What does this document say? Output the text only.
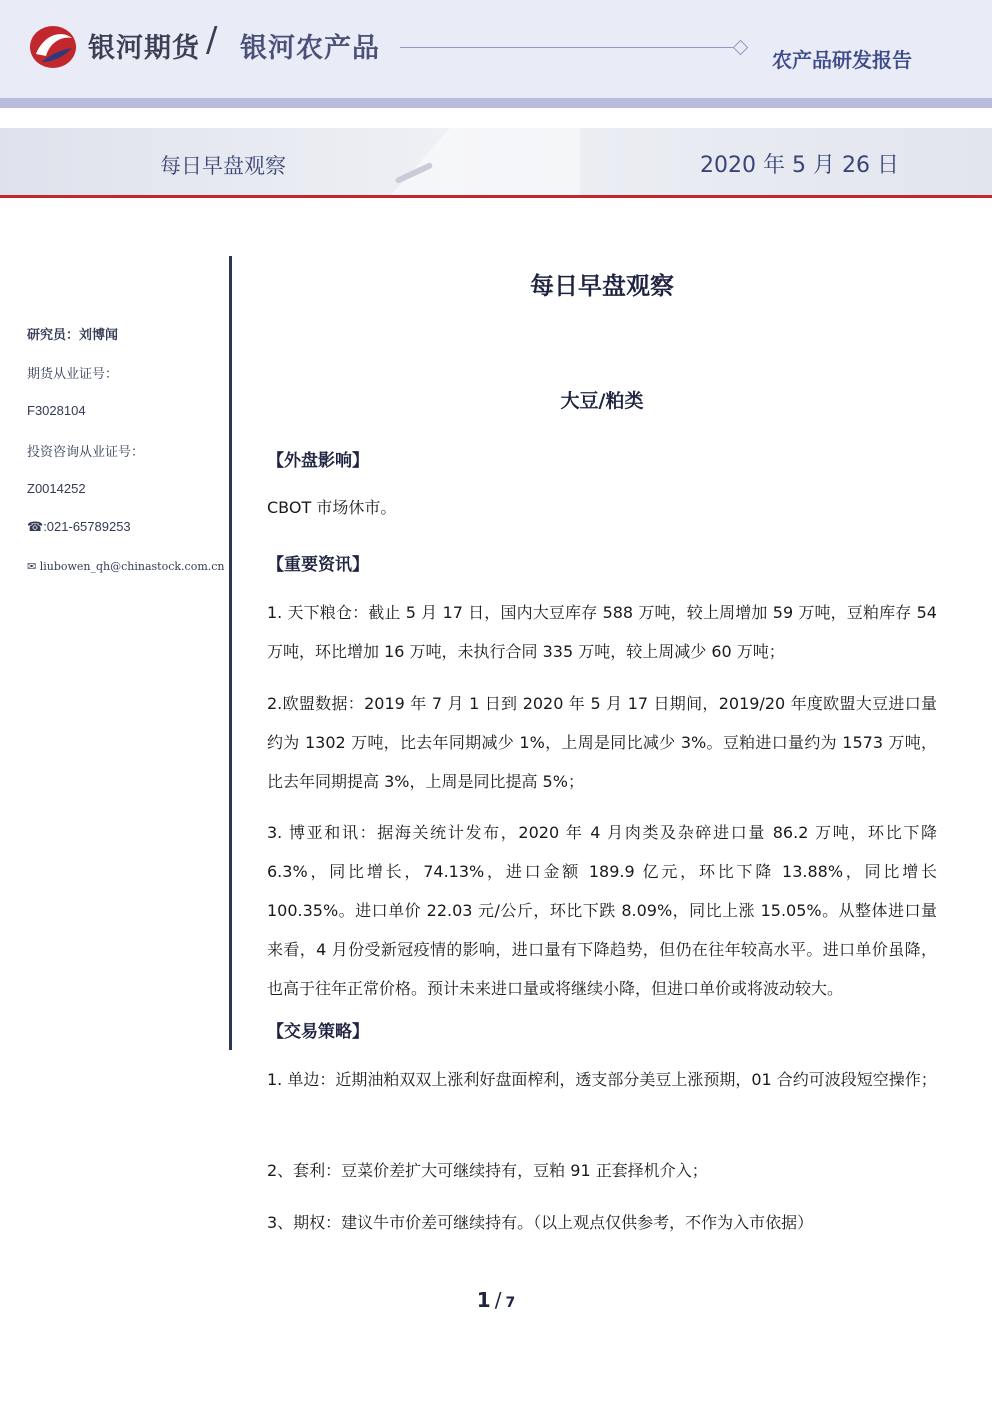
银河期货 / 银河农产品	农产品研发报告
每日早盘观察	2020 年 5 月 26 日
研究员：刘博闻
期货从业证号：
F3028104
投资咨询从业证号：
Z0014252
☎:021-65789253
✉ liubowen_qh@chinastock.com.cn
每日早盘观察
大豆/粕类
【外盘影响】
CBOT 市场休市。
【重要资讯】
1. 天下粮仓：截止 5 月 17 日，国内大豆库存 588 万吨，较上周增加 59 万吨，豆粕库存 54 万吨，环比增加 16 万吨，未执行合同 335 万吨，较上周减少 60 万吨；
2.欧盟数据：2019 年 7 月 1 日到 2020 年 5 月 17 日期间，2019/20 年度欧盟大豆进口量约为 1302 万吨，比去年同期减少 1%，上周是同比减少 3%。豆粕进口量约为 1573 万吨，比去年同期提高 3%，上周是同比提高 5%；
3. 博亚和讯：据海关统计发布，2020 年 4 月肉类及杂碎进口量 86.2 万吨，环比下降 6.3%，同比增长，74.13%，进口金额 189.9 亿元，环比下降 13.88%，同比增长 100.35%。进口单价 22.03 元/公斤，环比下跌 8.09%，同比上涨 15.05%。从整体进口量来看，4 月份受新冠疫情的影响，进口量有下降趋势，但仍在往年较高水平。进口单价虽降，也高于往年正常价格。预计未来进口量或将继续小降，但进口单价或将波动较大。
【交易策略】
1. 单边：近期油粕双双上涨利好盘面榨利，透支部分美豆上涨预期，01 合约可波段短空操作；
2、套利：豆菜价差扩大可继续持有，豆粕 91 正套择机介入；
3、期权：建议牛市价差可继续持有。（以上观点仅供参考，不作为入市依据）
1 / 7
